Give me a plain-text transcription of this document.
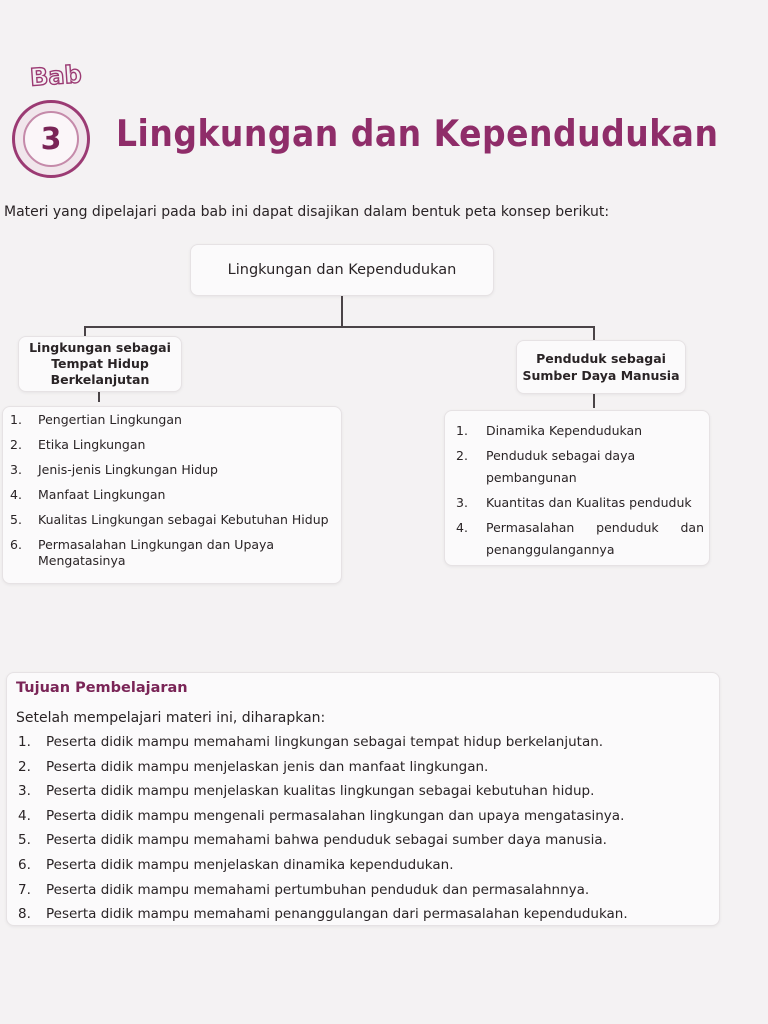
Bab
3	Lingkungan dan Kependudukan
Materi yang dipelajari pada bab ini dapat disajikan dalam bentuk peta konsep berikut:
Lingkungan dan Kependudukan
Lingkungan sebagai Tempat Hidup Berkelanjutan
Penduduk sebagai Sumber Daya Manusia
1. Pengertian Lingkungan
2. Etika Lingkungan
3. Jenis-jenis Lingkungan Hidup
4. Manfaat Lingkungan
5. Kualitas Lingkungan sebagai Kebutuhan Hidup
6. Permasalahan Lingkungan dan Upaya Mengatasinya
1. Dinamika Kependudukan
2. Penduduk sebagai daya pembangunan
3. Kuantitas dan Kualitas penduduk
4. Permasalahan penduduk dan penanggulangannya
Tujuan Pembelajaran
Setelah mempelajari materi ini, diharapkan:
1. Peserta didik mampu memahami lingkungan sebagai tempat hidup berkelanjutan.
2. Peserta didik mampu menjelaskan jenis dan manfaat lingkungan.
3. Peserta didik mampu menjelaskan kualitas lingkungan sebagai kebutuhan hidup.
4. Peserta didik mampu mengenali permasalahan lingkungan dan upaya mengatasinya.
5. Peserta didik mampu memahami bahwa penduduk sebagai sumber daya manusia.
6. Peserta didik mampu menjelaskan dinamika kependudukan.
7. Peserta didik mampu memahami pertumbuhan penduduk dan permasalahnnya.
8. Peserta didik mampu memahami penanggulangan dari permasalahan kependudukan.
